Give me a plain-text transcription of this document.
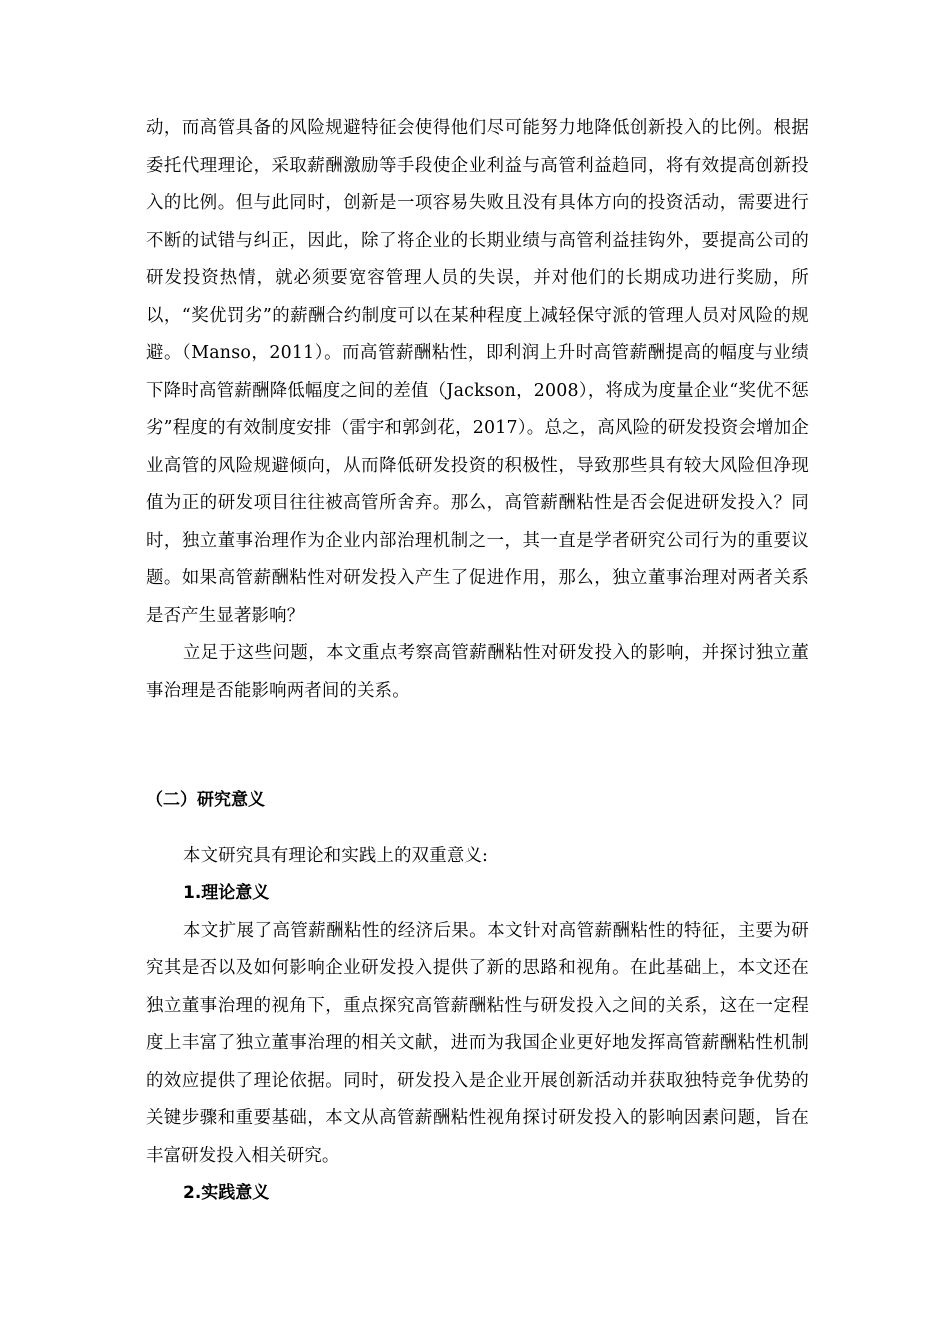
动，而高管具备的风险规避特征会使得他们尽可能努力地降低创新投入的比例。根据委托代理理论，采取薪酬激励等手段使企业利益与高管利益趋同，将有效提高创新投入的比例。但与此同时，创新是一项容易失败且没有具体方向的投资活动，需要进行不断的试错与纠正，因此，除了将企业的长期业绩与高管利益挂钩外，要提高公司的研发投资热情，就必须要宽容管理人员的失误，并对他们的长期成功进行奖励，所以，“奖优罚劣”的薪酬合约制度可以在某种程度上减轻保守派的管理人员对风险的规避。（Manso，2011）。而高管薪酬粘性，即利润上升时高管薪酬提高的幅度与业绩下降时高管薪酬降低幅度之间的差值（Jackson，2008），将成为度量企业“奖优不惩劣”程度的有效制度安排（雷宇和郭剑花，2017）。总之，高风险的研发投资会增加企业高管的风险规避倾向，从而降低研发投资的积极性，导致那些具有较大风险但净现值为正的研发项目往往被高管所舍弃。那么，高管薪酬粘性是否会促进研发投入？同时，独立董事治理作为企业内部治理机制之一，其一直是学者研究公司行为的重要议题。如果高管薪酬粘性对研发投入产生了促进作用，那么，独立董事治理对两者关系是否产生显著影响？

立足于这些问题，本文重点考察高管薪酬粘性对研发投入的影响，并探讨独立董事治理是否能影响两者间的关系。

（二）研究意义

本文研究具有理论和实践上的双重意义:

1.理论意义

本文扩展了高管薪酬粘性的经济后果。本文针对高管薪酬粘性的特征，主要为研究其是否以及如何影响企业研发投入提供了新的思路和视角。在此基础上，本文还在独立董事治理的视角下，重点探究高管薪酬粘性与研发投入之间的关系，这在一定程度上丰富了独立董事治理的相关文献，进而为我国企业更好地发挥高管薪酬粘性机制的效应提供了理论依据。同时，研发投入是企业开展创新活动并获取独特竞争优势的关键步骤和重要基础，本文从高管薪酬粘性视角探讨研发投入的影响因素问题，旨在丰富研发投入相关研究。

2.实践意义
